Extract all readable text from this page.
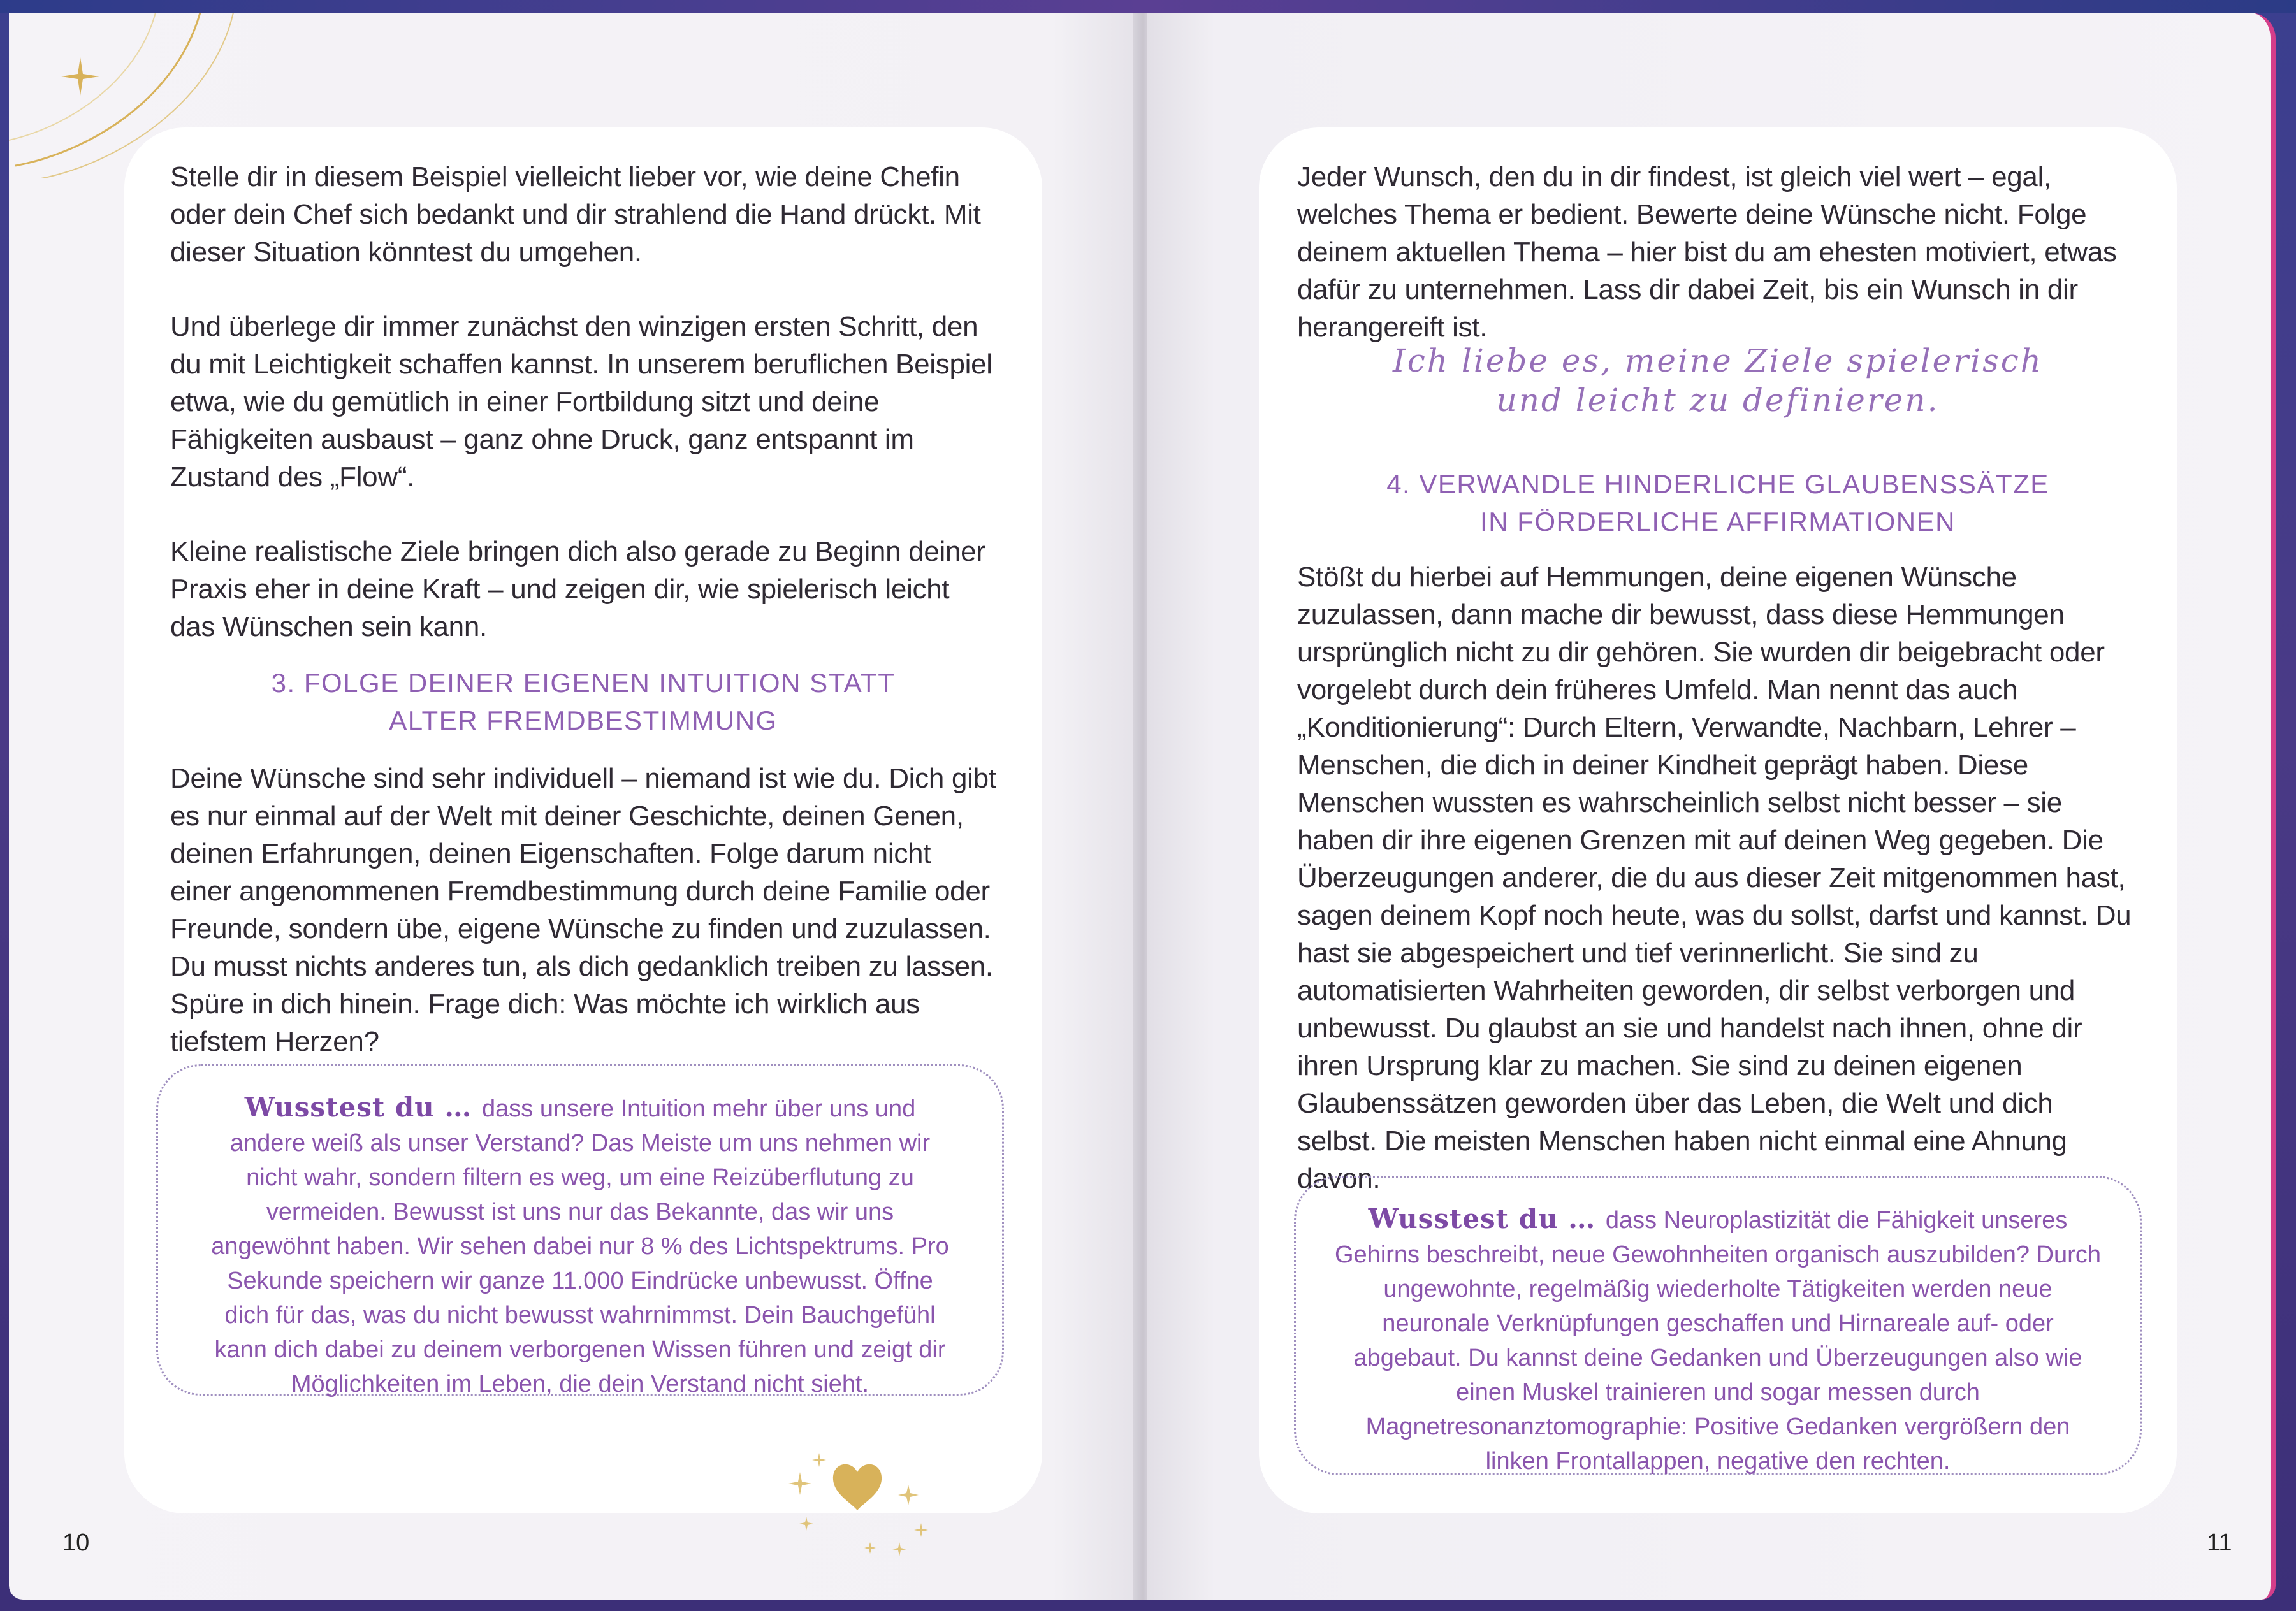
Stelle dir in diesem Beispiel vielleicht lieber vor, wie deine Chefin oder dein Chef sich bedankt und dir strahlend die Hand drückt. Mit dieser Situation könntest du umgehen.

Und überlege dir immer zunächst den winzigen ersten Schritt, den du mit Leichtigkeit schaffen kannst. In unserem beruflichen Beispiel etwa, wie du gemütlich in einer Fortbildung sitzt und deine Fähigkeiten ausbaust – ganz ohne Druck, ganz entspannt im Zustand des „Flow“.

Kleine realistische Ziele bringen dich also gerade zu Beginn deiner Praxis eher in deine Kraft – und zeigen dir, wie spielerisch leicht das Wünschen sein kann.

3. FOLGE DEINER EIGENEN INTUITION STATT
ALTER FREMDBESTIMMUNG

Deine Wünsche sind sehr individuell – niemand ist wie du. Dich gibt es nur einmal auf der Welt mit deiner Geschichte, deinen Genen, deinen Erfahrungen, deinen Eigenschaften. Folge darum nicht einer angenommenen Fremdbestimmung durch deine Familie oder Freunde, sondern übe, eigene Wünsche zu finden und zuzulassen. Du musst nichts anderes tun, als dich gedanklich treiben zu lassen. Spüre in dich hinein. Frage dich: Was möchte ich wirklich aus tiefstem Herzen?

Wusstest du … dass unsere Intuition mehr über uns und andere weiß als unser Verstand? Das Meiste um uns nehmen wir nicht wahr, sondern filtern es weg, um eine Reizüberflutung zu vermeiden. Bewusst ist uns nur das Bekannte, das wir uns angewöhnt haben. Wir sehen dabei nur 8 % des Lichtspektrums. Pro Sekunde speichern wir ganze 11.000 Eindrücke unbewusst. Öffne dich für das, was du nicht bewusst wahrnimmst. Dein Bauchgefühl kann dich dabei zu deinem verborgenen Wissen führen und zeigt dir Möglichkeiten im Leben, die dein Verstand nicht sieht.

Jeder Wunsch, den du in dir findest, ist gleich viel wert – egal, welches Thema er bedient. Bewerte deine Wünsche nicht. Folge deinem aktuellen Thema – hier bist du am ehesten motiviert, etwas dafür zu unternehmen. Lass dir dabei Zeit, bis ein Wunsch in dir herangereift ist.

Ich liebe es, meine Ziele spielerisch
und leicht zu definieren.
4. VERWANDLE HINDERLICHE GLAUBENSSÄTZE
IN FÖRDERLICHE AFFIRMATIONEN

Stößt du hierbei auf Hemmungen, deine eigenen Wünsche zuzulassen, dann mache dir bewusst, dass diese Hemmungen ursprünglich nicht zu dir gehören. Sie wurden dir beigebracht oder vorgelebt durch dein früheres Umfeld. Man nennt das auch „Konditionierung“: Durch Eltern, Verwandte, Nachbarn, Lehrer – Menschen, die dich in deiner Kindheit geprägt haben. Diese Menschen wussten es wahrscheinlich selbst nicht besser – sie haben dir ihre eigenen Grenzen mit auf deinen Weg gegeben. Die Überzeugungen anderer, die du aus dieser Zeit mitgenommen hast, sagen deinem Kopf noch heute, was du sollst, darfst und kannst. Du hast sie abgespeichert und tief verinnerlicht. Sie sind zu automatisierten Wahrheiten geworden, dir selbst verborgen und unbewusst. Du glaubst an sie und handelst nach ihnen, ohne dir ihren Ursprung klar zu machen. Sie sind zu deinen eigenen Glaubenssätzen geworden über das Leben, die Welt und dich selbst. Die meisten Menschen haben nicht einmal eine Ahnung davon.

Wusstest du … dass Neuroplastizität die Fähigkeit unseres Gehirns beschreibt, neue Gewohnheiten organisch auszubilden? Durch ungewohnte, regelmäßig wiederholte Tätigkeiten werden neue neuronale Verknüpfungen geschaffen und Hirnareale auf- oder abgebaut. Du kannst deine Gedanken und Überzeugungen also wie einen Muskel trainieren und sogar messen durch Magnetresonanztomographie: Positive Gedanken vergrößern den linken Frontallappen, negative den rechten.
10	11
